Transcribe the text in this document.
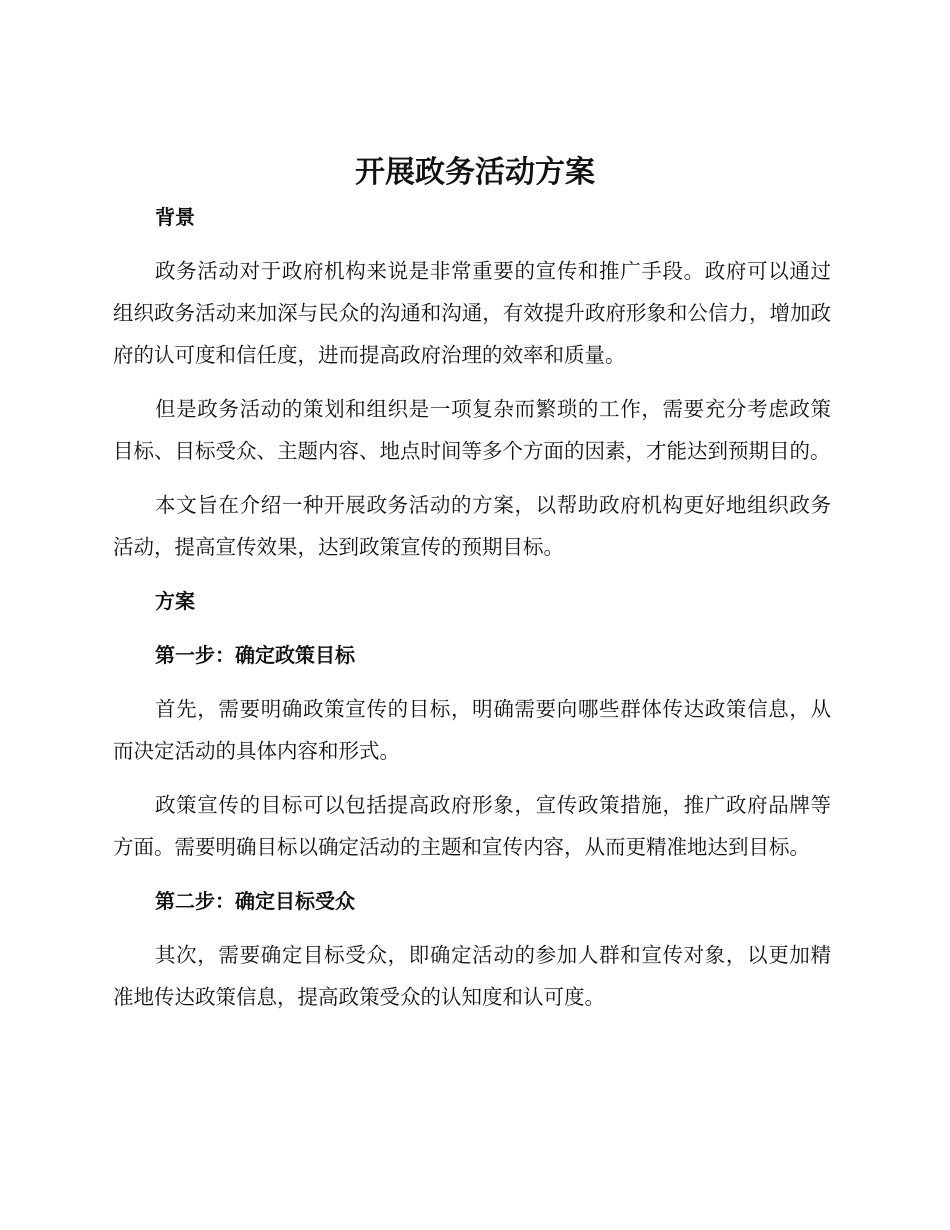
开展政务活动方案

背景

政务活动对于政府机构来说是非常重要的宣传和推广手段。政府可以通过组织政务活动来加深与民众的沟通和沟通，有效提升政府形象和公信力，增加政府的认可度和信任度，进而提高政府治理的效率和质量。

但是政务活动的策划和组织是一项复杂而繁琐的工作，需要充分考虑政策目标、目标受众、主题内容、地点时间等多个方面的因素，才能达到预期目的。

本文旨在介绍一种开展政务活动的方案，以帮助政府机构更好地组织政务活动，提高宣传效果，达到政策宣传的预期目标。

方案

第一步：确定政策目标

首先，需要明确政策宣传的目标，明确需要向哪些群体传达政策信息，从而决定活动的具体内容和形式。

政策宣传的目标可以包括提高政府形象，宣传政策措施，推广政府品牌等方面。需要明确目标以确定活动的主题和宣传内容，从而更精准地达到目标。

第二步：确定目标受众

其次，需要确定目标受众，即确定活动的参加人群和宣传对象，以更加精准地传达政策信息，提高政策受众的认知度和认可度。
